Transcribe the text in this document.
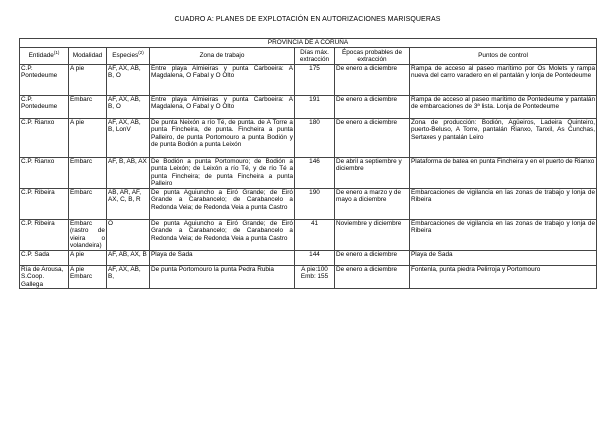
CUADRO A: PLANES DE EXPLOTACIÓN EN AUTORIZACIONES MARISQUERAS
PROVINCIA DE A CORUÑA						
Entidade$^{(1)}$	Modalidad	Especies$^{(2)}$	Zona de trabajo	Días máx. extracción	Épocas probables de extracción	Puntos de control
C.P. Pontedeume	A pie	AF, AX, AB, B, O	Entre playa Almieiras y punta Carboeira: A Magdalena, O Fabal y O Olto	175	De enero a diciembre	Rampa de acceso al paseo marítimo por Os Molets y rampa nueva del carro varadero en el pantalán y lonja de Pontedeume
C.P. Pontedeume	Embarc	AF, AX, AB, B, O	Entre playa Almieiras y punta Carboeira: A Magdalena, O Fabal y O Olto	191	De enero a diciembre	Rampa de acceso al paseo marítimo de Pontedeume y pantalán de embarcaciones de 3ª lista. Lonja de Pontedeume
C.P. Rianxo	A pie	AF, AX, AB, B, LonV	De punta Neixón a río Té, de punta. de A Torre a punta Fincheira, de punta. Fincheira a punta Palleiro, de punta Portomouro a punta Bodión y de punta Bodión a punta Leixón	180	De enero a diciembre	Zona de producción: Bodión, Agüeiros, Ladeira Quinteiro, puerto-Beluso, A Torre, pantalán Rianxo, Tanxil, As Cunchas, Sertaxes y pantalán Leiro
C.P. Rianxo	Embarc	AF, B, AB, AX	De Bodión a punta Portomouro; de Bodión a punta Leixón; de Leixón a río Té, y de río Té a punta Fincheira; de punta Fincheira a punta Palleiro	146	De abril a septiembre y diciembre	Plataforma de batea en punta Fincheira y en el puerto de Rianxo
C.P. Ribeira	Embarc	AB, AR, AF, AX, C, B, R	De punta Aguiuncho a Eiró Grande; de Eiró Grande a Carabancelo; de Carabancelo a Redonda Veia; de Redonda Veia a punta Castro	190	De enero a marzo y de mayo a diciembre	Embarcaciones de vigilancia en las zonas de trabajo y lonja de Ribeira
C.P. Ribeira	Embarc (rastro de vieira o volandeira)	O	De punta Aguiuncho a Eiró Grande; de Eiró Grande a Carabancelo; de Carabancelo a Redonda Veia; de Redonda Veia a punta Castro	41	Noviembre y diciembre	Embarcaciones de vigilancia en las zonas de trabajo y lonja de Ribeira
C.P. Sada	A pie	AF, AB, AX, B	Playa de Sada	144	De enero a diciembre	Playa de Sada
Ría de Arousa, S.Coop. Gallega	A pie Embarc	AF, AX, AB, B,	De punta Portomouro la punta Pedra Rubia	A pie:100 Emb: 155	De enero a diciembre	Fontenla, punta piedra Pelirroja y Portomouro
